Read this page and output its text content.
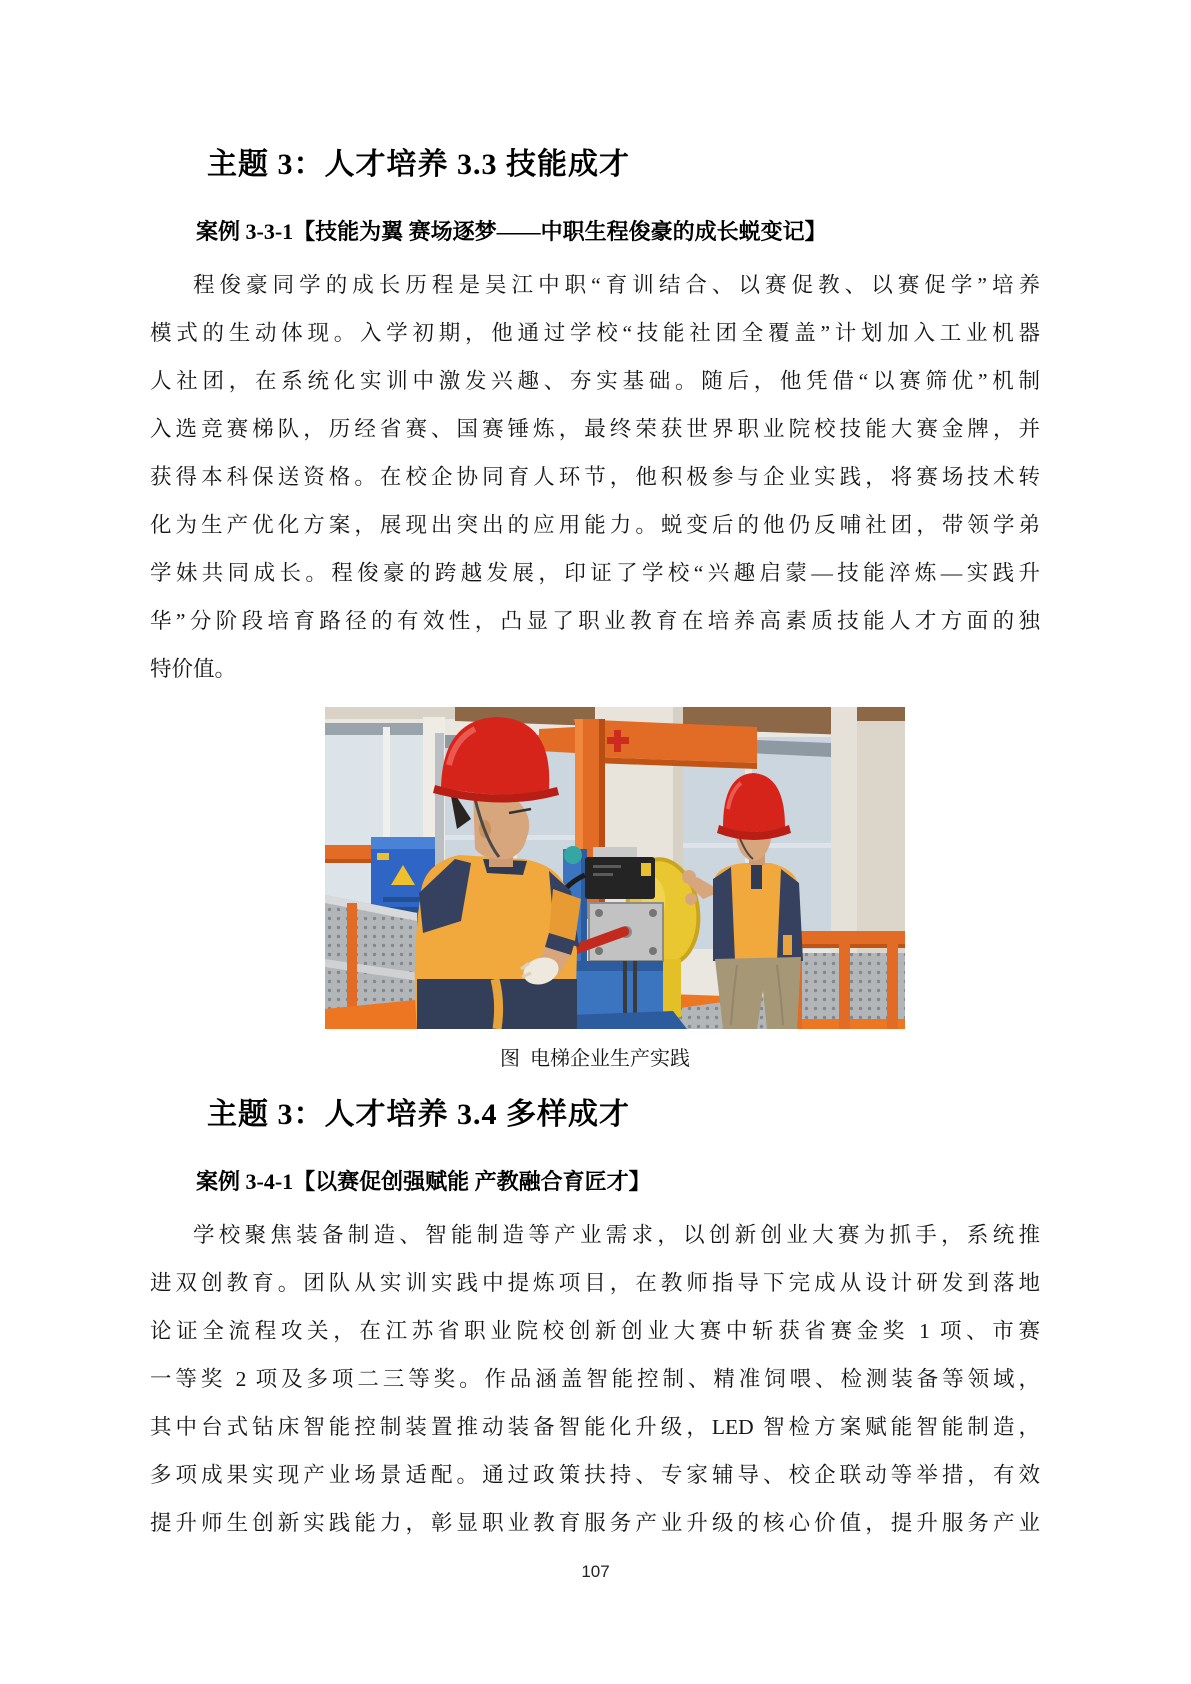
主题 3：人才培养 3.3 技能成才
案例 3-3-1【技能为翼 赛场逐梦——中职生程俊豪的成长蜕变记】
程俊豪同学的成长历程是吴江中职“育训结合、以赛促教、以赛促学”培养
模式的生动体现。入学初期，他通过学校“技能社团全覆盖”计划加入工业机器
人社团，在系统化实训中激发兴趣、夯实基础。随后，他凭借“以赛筛优”机制
入选竞赛梯队，历经省赛、国赛锤炼，最终荣获世界职业院校技能大赛金牌，并
获得本科保送资格。在校企协同育人环节，他积极参与企业实践，将赛场技术转
化为生产优化方案，展现出突出的应用能力。蜕变后的他仍反哺社团，带领学弟
学妹共同成长。程俊豪的跨越发展，印证了学校“兴趣启蒙—技能淬炼—实践升
华”分阶段培育路径的有效性，凸显了职业教育在培养高素质技能人才方面的独
特价值。
图  电梯企业生产实践
主题 3：人才培养 3.4 多样成才
案例 3-4-1【以赛促创强赋能 产教融合育匠才】
学校聚焦装备制造、智能制造等产业需求，以创新创业大赛为抓手，系统推
进双创教育。团队从实训实践中提炼项目，在教师指导下完成从设计研发到落地
论证全流程攻关，在江苏省职业院校创新创业大赛中斩获省赛金奖 1 项、市赛
一等奖 2 项及多项二三等奖。作品涵盖智能控制、精准饲喂、检测装备等领域，
其中台式钻床智能控制装置推动装备智能化升级，LED 智检方案赋能智能制造，
多项成果实现产业场景适配。通过政策扶持、专家辅导、校企联动等举措，有效
提升师生创新实践能力，彰显职业教育服务产业升级的核心价值，提升服务产业
107
